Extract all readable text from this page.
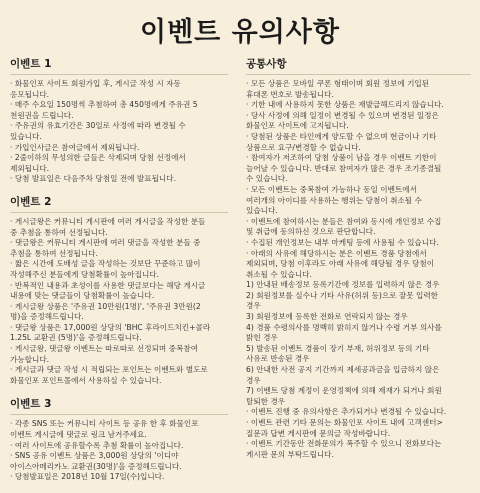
이벤트 유의사항
이벤트 1
· 화물인포 사이트 회원가입 후, 게시글 작성 시 자동
응모됩니다.
· 매주 수요일 150명씩 추첨하여 총 450명에게 주유권 5
천원권을 드립니다.
· 주유권의 유효기간은 30일로 사정에 따라 변경될 수
있습니다.
· 가입인사글은 참여글에서 제외됩니다.
· 2줄이하의 무성의한 글들은 삭제되며 당첨 선정에서
제외됩니다.
· 당첨 발표일은 다음주차 당첨일 전에 발표됩니다.
이벤트 2
· 게시글왕은 커뮤니티 게시판에 여러 게시글을 작성한 분들
중 추첨을 통하여 선정됩니다.
· 댓글왕은 커뮤니티 게시판에 여러 댓글을 작성한 분들 중
추첨을 통하여 선정됩니다.
· 짧은 시간에 도배성 글을 작성하는 것보단 꾸준하고 많이
작성해주신 분들에게 당첨확률이 높아집니다.
· 반복적인 내용과 초성이를 사용한 댓글보다는 해당 게시글
내용에 맞는 댓글들이 당첨확률이 높습니다.
· 게시글왕 상품은 '주유권 10만원(1명)', '주유권 3만원(2
명)을 증정해드립니다.
· 댓글왕 상품은 17,000원 상당의 'BHC 후라이드치킨+콜라
1.25L 교환권 (5명)'을 증정해드립니다.
· 게시글왕, 댓글왕 이벤트는 따로따로 선정되며 중복참여
가능합니다.
· 게시글과 댓글 작성 시 적립되는 포인트는 이벤트와 별도로
화물인포 포인트몰에서 사용하실 수 있습니다.
이벤트 3
· 각종 SNS 또는 커뮤니티 사이트 등 공유 한 후 화물인포
이벤트 게시글에 댓글로 링크 남겨주세요.
· 여러 사이트에 공유할수록 추첨 확률이 높아집니다.
· SNS 공유 이벤트 상품은 3,000원 상당의 '이디야
아이스아메리카노 교환권(30명)'을 증정해드립니다.
· 당첨발표일은 2018년 10월 17일(수)입니다.
공통사항
· 모든 상품은 모바일 쿠폰 형태이며 회원 정보에 기입된
휴대폰 번호로 발송됩니다.
· 기한 내에 사용하지 못한 상품은 재발급해드리지 않습니다.
· 당사 사정에 의해 일정이 변경될 수 있으며 변경된 일정은
화물인포 사이트에 고지됩니다.
· 당첨된 상품은 타인에게 양도할 수 없으며 현금이나 기타
상품으로 요구/변경할 수 없습니다.
· 참여자가 저조하여 당첨 상품이 남을 경우 이벤트 기한이
늘어날 수 있습니다. 반대로 참여자가 많은 경우 조기종결될
수 있습니다.
· 모든 이벤트는 중복참여 가능하나 동일 이벤트에서
여러개의 아이디를 사용하는 행위는 당첨이 취소될 수
있습니다.
· 이벤트에 참여하시는 분들은 참여와 동시에 개인정보 수집
및 취급에 동의하신 것으로 판단합니다.
· 수집된 개인정보는 내부 마케팅 등에 사용될 수 있습니다.
· 아래의 사유에 해당하시는 분은 이벤트 경품 당첨에서
제외되며, 당첨 이후라도 아래 사유에 해당될 경우 당첨이
취소될 수 있습니다.
1) 안내된 배송정보 등록기간에 정보를 입력하지 않은 경우
2) 회원정보를 실수나 기타 사유(허위 등)으로 잘못 입력한
경우
3) 회원정보에 등록한 전화로 연락되지 않는 경우
4) 경품 수령의사를 명백히 밝히지 않거나 수령 거부 의사를
밝힌 경우
5) 발송된 이벤트 경품이 장기 부재, 허위정보 등의 기타
사유로 반송된 경우
6) 안내한 사전 공지 기간까지 제세공과금을 입금하지 않은
경우
7) 이벤트 당첨 계정이 운영정책에 의해 제재가 되거나 회원
탈퇴한 경우
· 이벤트 진행 중 유의사항은 추가되거나 변경될 수 있습니다.
· 이벤트 관련 기타 문의는 화물인포 사이트 내에 고객센터>
질문과 답변 게시판에 문의글 작성바랍니다.
· 이벤트 기간동안 전화문의가 폭주할 수 있으니 전화보다는
게시판 문의 부탁드립니다.
